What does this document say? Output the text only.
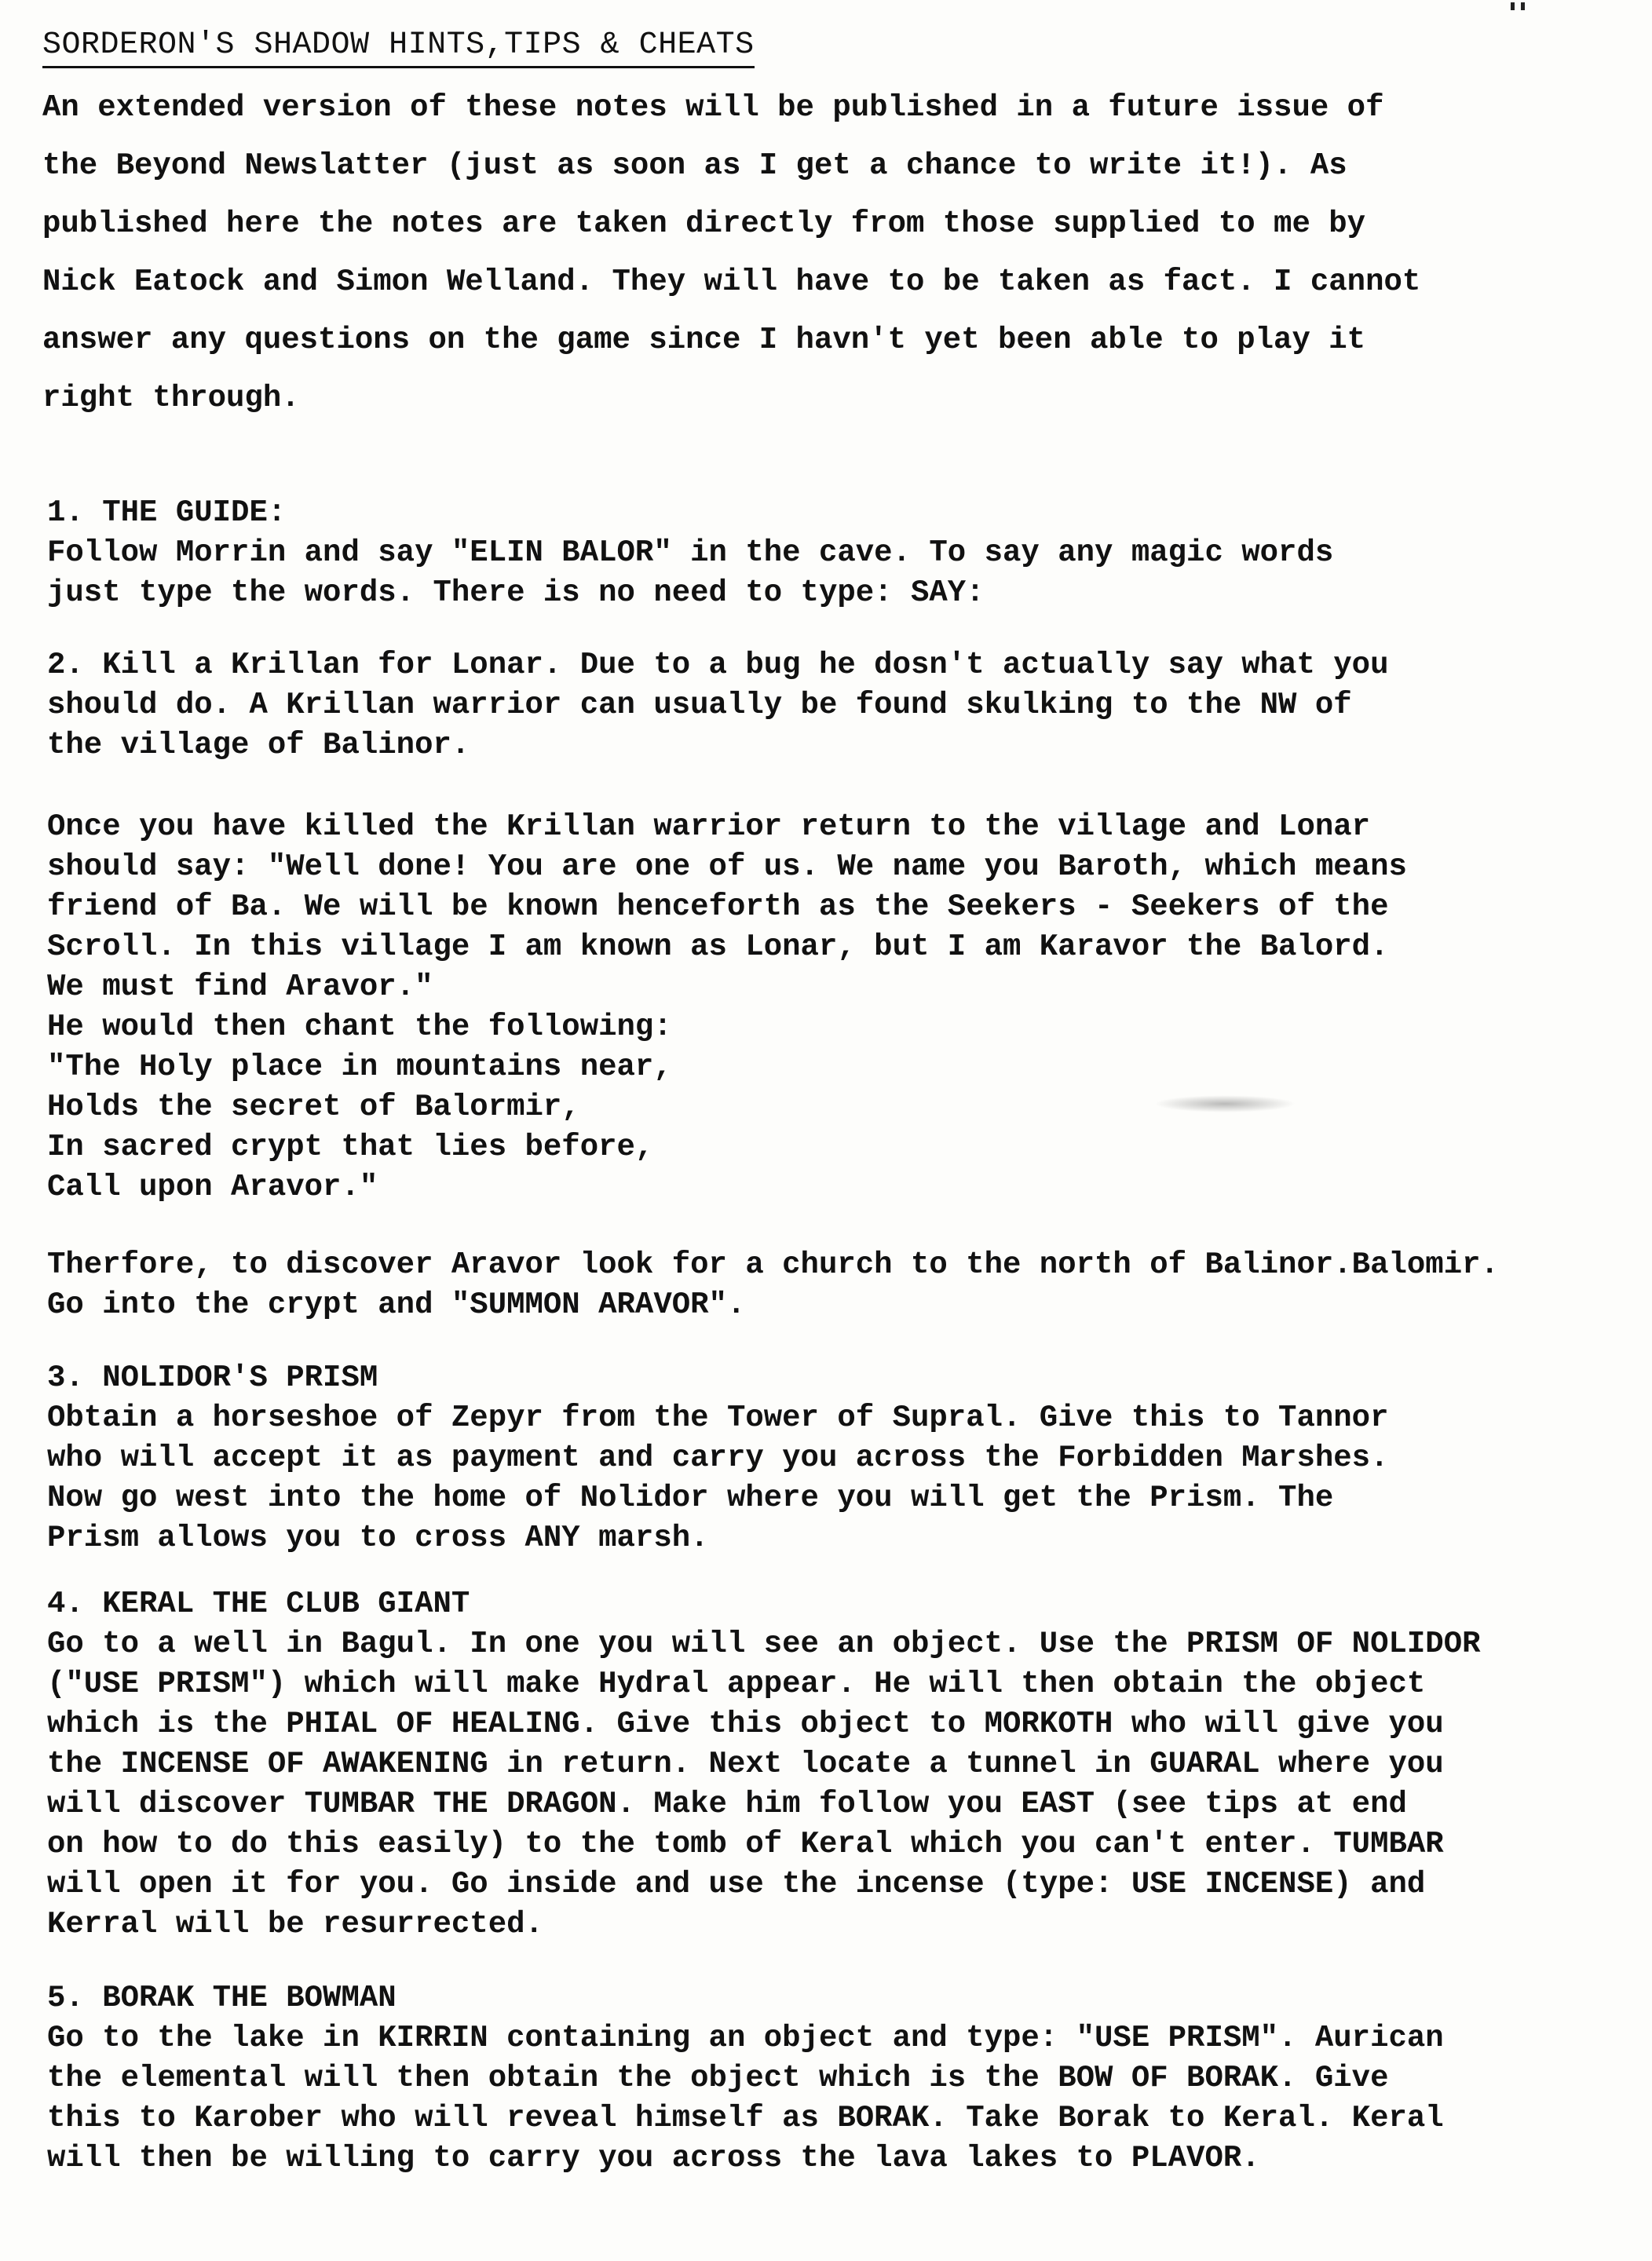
SORDERON'S SHADOW HINTS,TIPS & CHEATS

An extended version of these notes will be published in a future issue of

the Beyond Newslatter (just as soon as I get a chance to write it!). As

published here the notes are taken directly from those supplied to me by

Nick Eatock and Simon Welland. They will have to be taken as fact. I cannot

answer any questions on the game since I havn't yet been able to play it

right through.

1. THE GUIDE:

Follow Morrin and say "ELIN BALOR" in the cave. To say any magic words

just type the words. There is no need to type: SAY:

2. Kill a Krillan for Lonar. Due to a bug he dosn't actually say what you

should do. A Krillan warrior can usually be found skulking to the NW of

the village of Balinor.

Once you have killed the Krillan warrior return to the village and Lonar

should say: "Well done! You are one of us. We name you Baroth, which means

friend of Ba. We will be known henceforth as the Seekers - Seekers of the

Scroll. In this village I am known as Lonar, but I am Karavor the Balord.

We must find Aravor."

He would then chant the following:

"The Holy place in mountains near,

Holds the secret of Balormir,

In sacred crypt that lies before,

Call upon Aravor."

Therfore, to discover Aravor look for a church to the north of Balinor.Balomir.

Go into the crypt and "SUMMON ARAVOR".

3. NOLIDOR'S PRISM

Obtain a horseshoe of Zepyr from the Tower of Supral. Give this to Tannor

who will accept it as payment and carry you across the Forbidden Marshes.

Now go west into the home of Nolidor where you will get the Prism. The

Prism allows you to cross ANY marsh.

4. KERAL THE CLUB GIANT

Go to a well in Bagul. In one you will see an object. Use the PRISM OF NOLIDOR

("USE PRISM") which will make Hydral appear. He will then obtain the object

which is the PHIAL OF HEALING. Give this object to MORKOTH who will give you

the INCENSE OF AWAKENING in return. Next locate a tunnel in GUARAL where you

will discover TUMBAR THE DRAGON. Make him follow you EAST (see tips at end

on how to do this easily) to the tomb of Keral which you can't enter. TUMBAR

will open it for you. Go inside and use the incense (type: USE INCENSE) and

Kerral will be resurrected.

5. BORAK THE BOWMAN

Go to the lake in KIRRIN containing an object and type: "USE PRISM". Aurican

the elemental will then obtain the object which is the BOW OF BORAK. Give

this to Karober who will reveal himself as BORAK. Take Borak to Keral. Keral

will then be willing to carry you across the lava lakes to PLAVOR.
